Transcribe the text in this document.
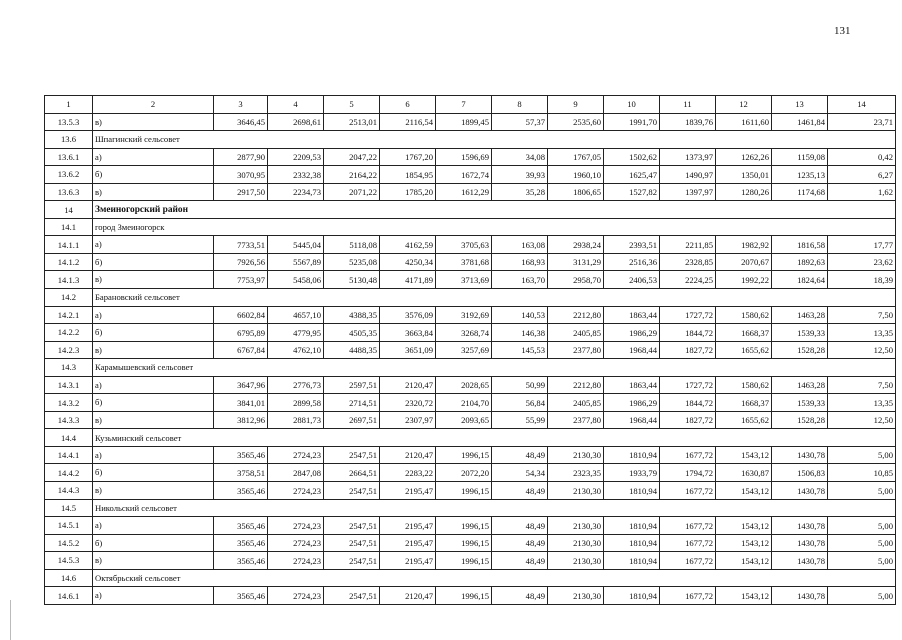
131
1	2	3	4	5	6	7	8	9	10	11	12	13	14
13.5.3	в)	3646,45	2698,61	2513,01	2116,54	1899,45	57,37	2535,60	1991,70	1839,76	1611,60	1461,84	23,71
13.6	Шпагинский сельсовет												
13.6.1	а)	2877,90	2209,53	2047,22	1767,20	1596,69	34,08	1767,05	1502,62	1373,97	1262,26	1159,08	0,42
13.6.2	б)	3070,95	2332,38	2164,22	1854,95	1672,74	39,93	1960,10	1625,47	1490,97	1350,01	1235,13	6,27
13.6.3	в)	2917,50	2234,73	2071,22	1785,20	1612,29	35,28	1806,65	1527,82	1397,97	1280,26	1174,68	1,62
14	Змеиногорский район												
14.1	город Змеиногорск												
14.1.1	а)	7733,51	5445,04	5118,08	4162,59	3705,63	163,08	2938,24	2393,51	2211,85	1982,92	1816,58	17,77
14.1.2	б)	7926,56	5567,89	5235,08	4250,34	3781,68	168,93	3131,29	2516,36	2328,85	2070,67	1892,63	23,62
14.1.3	в)	7753,97	5458,06	5130,48	4171,89	3713,69	163,70	2958,70	2406,53	2224,25	1992,22	1824,64	18,39
14.2	Барановский сельсовет												
14.2.1	а)	6602,84	4657,10	4388,35	3576,09	3192,69	140,53	2212,80	1863,44	1727,72	1580,62	1463,28	7,50
14.2.2	б)	6795,89	4779,95	4505,35	3663,84	3268,74	146,38	2405,85	1986,29	1844,72	1668,37	1539,33	13,35
14.2.3	в)	6767,84	4762,10	4488,35	3651,09	3257,69	145,53	2377,80	1968,44	1827,72	1655,62	1528,28	12,50
14.3	Карамышевский сельсовет												
14.3.1	а)	3647,96	2776,73	2597,51	2120,47	2028,65	50,99	2212,80	1863,44	1727,72	1580,62	1463,28	7,50
14.3.2	б)	3841,01	2899,58	2714,51	2320,72	2104,70	56,84	2405,85	1986,29	1844,72	1668,37	1539,33	13,35
14.3.3	в)	3812,96	2881,73	2697,51	2307,97	2093,65	55,99	2377,80	1968,44	1827,72	1655,62	1528,28	12,50
14.4	Кузьминский сельсовет												
14.4.1	а)	3565,46	2724,23	2547,51	2120,47	1996,15	48,49	2130,30	1810,94	1677,72	1543,12	1430,78	5,00
14.4.2	б)	3758,51	2847,08	2664,51	2283,22	2072,20	54,34	2323,35	1933,79	1794,72	1630,87	1506,83	10,85
14.4.3	в)	3565,46	2724,23	2547,51	2195,47	1996,15	48,49	2130,30	1810,94	1677,72	1543,12	1430,78	5,00
14.5	Никольский сельсовет												
14.5.1	а)	3565,46	2724,23	2547,51	2195,47	1996,15	48,49	2130,30	1810,94	1677,72	1543,12	1430,78	5,00
14.5.2	б)	3565,46	2724,23	2547,51	2195,47	1996,15	48,49	2130,30	1810,94	1677,72	1543,12	1430,78	5,00
14.5.3	в)	3565,46	2724,23	2547,51	2195,47	1996,15	48,49	2130,30	1810,94	1677,72	1543,12	1430,78	5,00
14.6	Октябрьский сельсовет												
14.6.1	а)	3565,46	2724,23	2547,51	2120,47	1996,15	48,49	2130,30	1810,94	1677,72	1543,12	1430,78	5,00
